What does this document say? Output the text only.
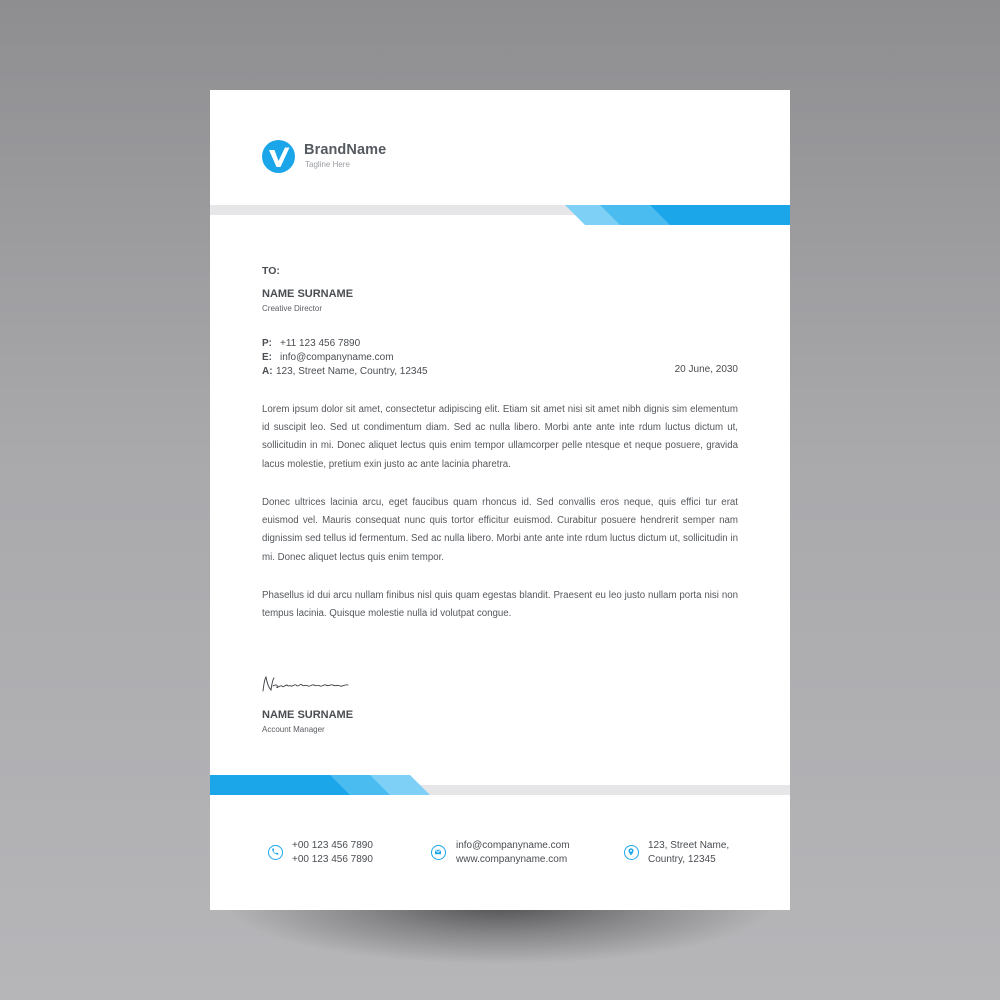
BrandName
Tagline Here
TO:
NAME SURNAME
Creative Director
P: +11 123 456 7890
E: info@companyname.com
A: 123, Street Name, Country, 12345	20 June, 2030

Lorem ipsum dolor sit amet, consectetur adipiscing elit. Etiam sit amet nisi sit amet nibh dignis sim elementum id suscipit leo. Sed ut condimentum diam. Sed ac nulla libero. Morbi ante ante inte rdum luctus dictum ut, sollicitudin in mi. Donec aliquet lectus quis enim tempor ullamcorper pelle ntesque et neque posuere, gravida lacus molestie, pretium exin justo ac ante lacinia pharetra.

Donec ultrices lacinia arcu, eget faucibus quam rhoncus id. Sed convallis eros neque, quis effici tur erat euismod vel. Mauris consequat nunc quis tortor efficitur euismod. Curabitur posuere hendrerit semper nam dignissim sed tellus id fermentum. Sed ac nulla libero. Morbi ante ante inte rdum luctus dictum ut, sollicitudin in mi. Donec aliquet lectus quis enim tempor.

Phasellus id dui arcu nullam finibus nisl quis quam egestas blandit. Praesent eu leo justo nullam porta nisi non tempus lacinia. Quisque molestie nulla id volutpat congue.

NAME SURNAME
Account Manager
+00 123 456 7890
+00 123 456 7890
info@companyname.com
www.companyname.com
123, Street Name,
Country, 12345
